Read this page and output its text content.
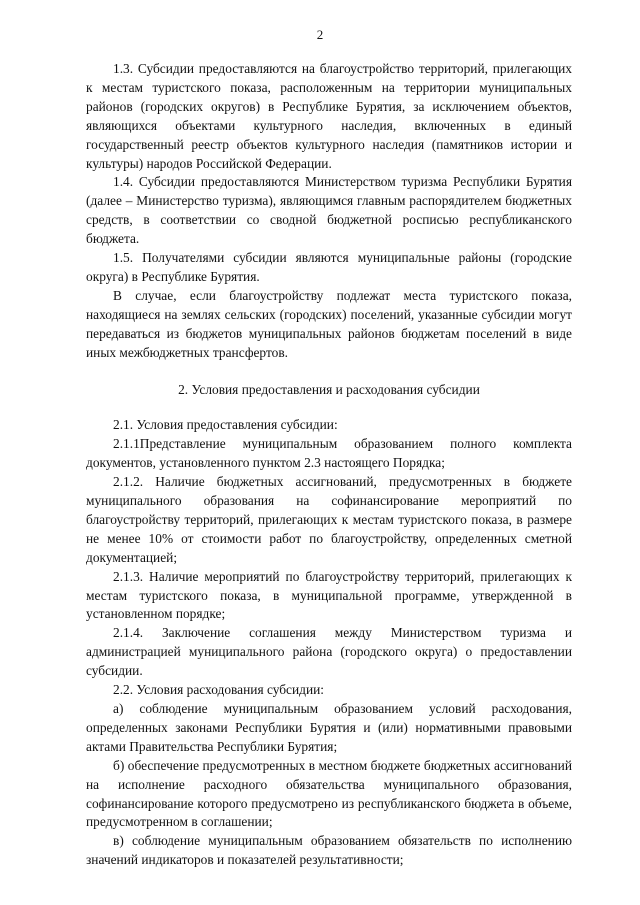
2

1.3. Субсидии предоставляются на благоустройство территорий, прилегающих к местам туристского показа, расположенным на территории муниципальных районов (городских округов) в Республике Бурятия, за исключением объектов, являющихся объектами культурного наследия, включенных в единый государственный реестр объектов культурного наследия (памятников истории и культуры) народов Российской Федерации.

1.4. Субсидии предоставляются Министерством туризма Республики Бурятия (далее – Министерство туризма), являющимся главным распорядителем бюджетных средств, в соответствии со сводной бюджетной росписью республиканского бюджета.

1.5. Получателями субсидии являются муниципальные районы (городские округа) в Республике Бурятия.

В случае, если благоустройству подлежат места туристского показа, находящиеся на землях сельских (городских) поселений, указанные субсидии могут передаваться из бюджетов муниципальных районов бюджетам поселений в виде иных межбюджетных трансфертов.

2. Условия предоставления и расходования субсидии

2.1. Условия предоставления субсидии:

2.1.1Представление муниципальным образованием полного комплекта документов, установленного пунктом 2.3 настоящего Порядка;

2.1.2. Наличие бюджетных ассигнований, предусмотренных в бюджете муниципального образования на софинансирование мероприятий по благоустройству территорий, прилегающих к местам туристского показа, в размере не менее 10% от стоимости работ по благоустройству, определенных сметной документацией;

2.1.3. Наличие мероприятий по благоустройству территорий, прилегающих к местам туристского показа, в муниципальной программе, утвержденной в установленном порядке;

2.1.4. Заключение соглашения между Министерством туризма и администрацией муниципального района (городского округа) о предоставлении субсидии.

2.2. Условия расходования субсидии:

а) соблюдение муниципальным образованием условий расходования, определенных законами Республики Бурятия и (или) нормативными правовыми актами Правительства Республики Бурятия;

б) обеспечение предусмотренных в местном бюджете бюджетных ассигнований на исполнение расходного обязательства муниципального образования, софинансирование которого предусмотрено из республиканского бюджета в объеме, предусмотренном в соглашении;

в) соблюдение муниципальным образованием обязательств по исполнению значений индикаторов и показателей результативности;
